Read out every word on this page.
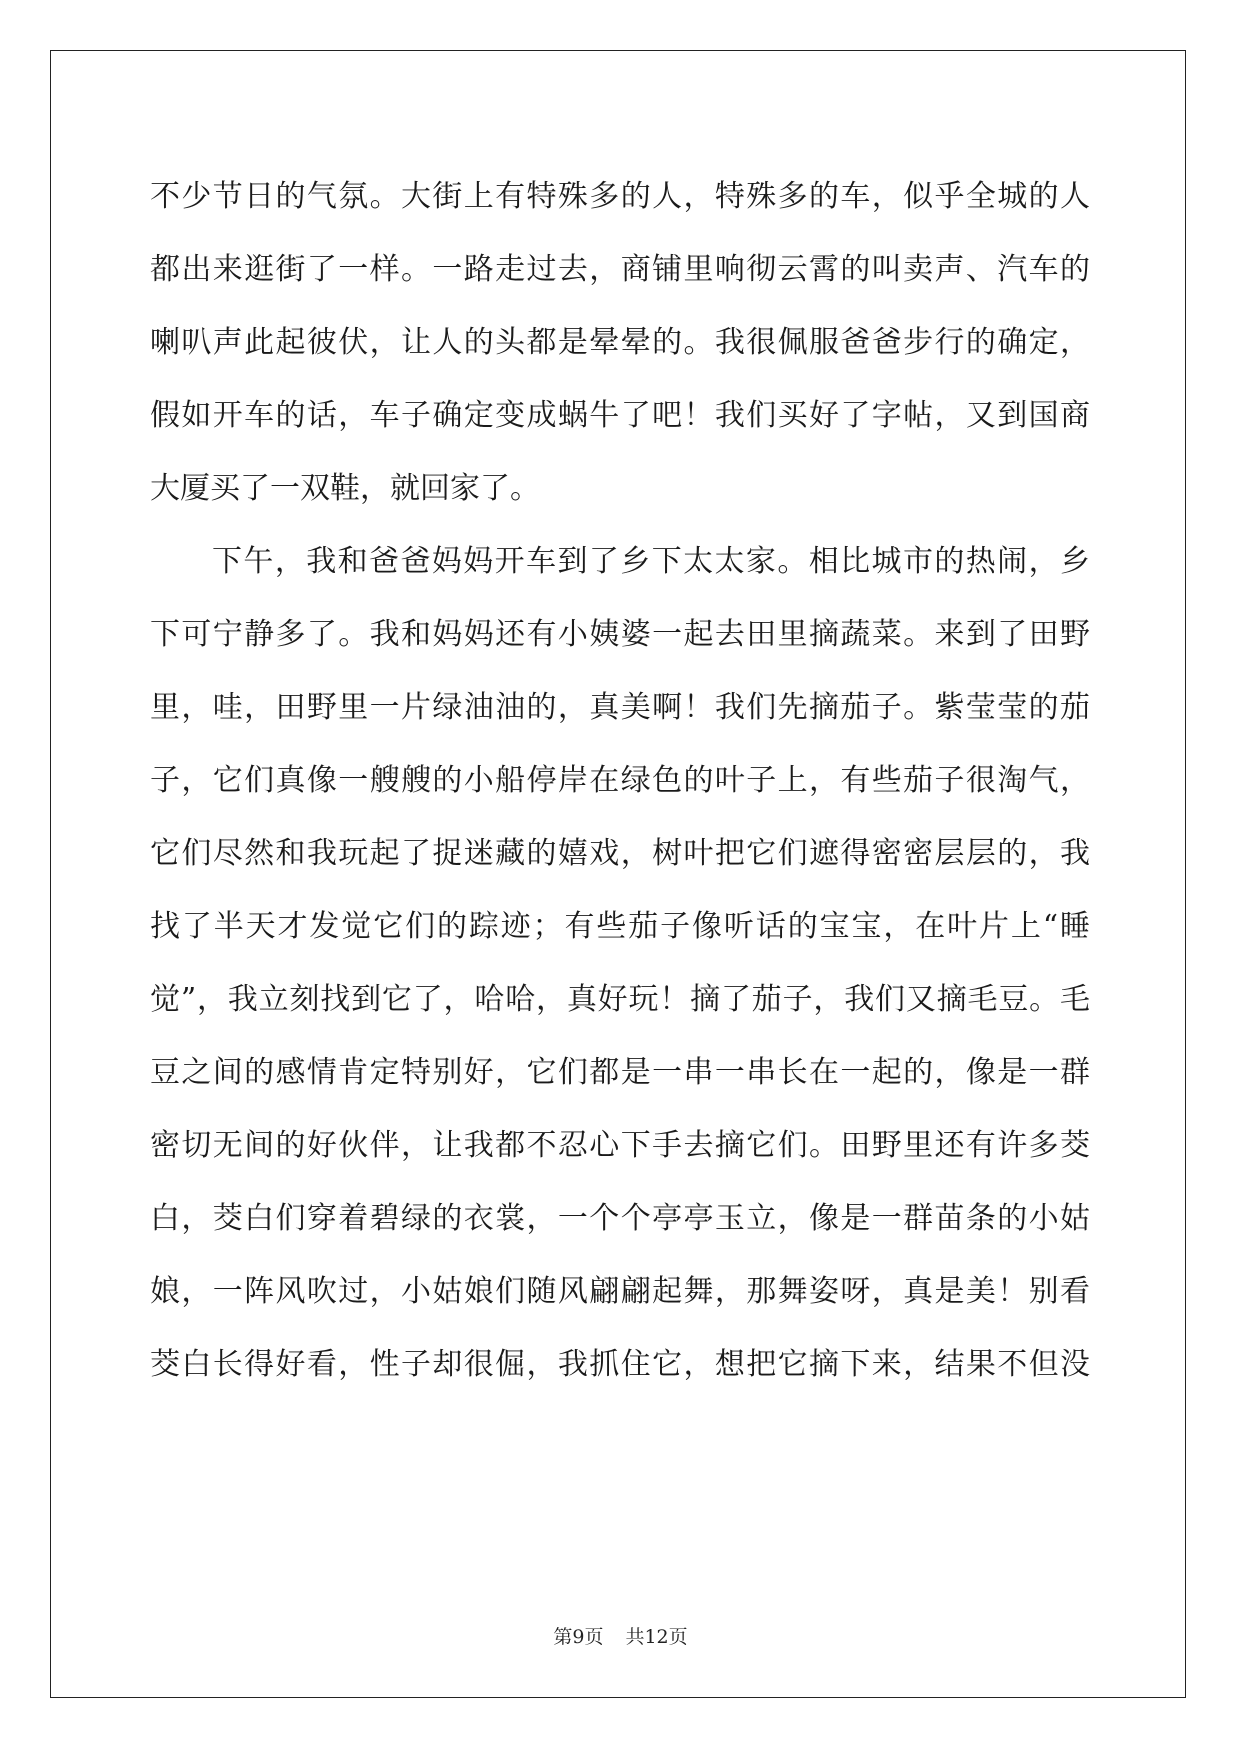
不少节日的气氛。大街上有特殊多的人，特殊多的车，似乎全城的人
都出来逛街了一样。一路走过去，商铺里响彻云霄的叫卖声、汽车的
喇叭声此起彼伏，让人的头都是晕晕的。我很佩服爸爸步行的确定，
假如开车的话，车子确定变成蜗牛了吧！我们买好了字帖，又到国商
大厦买了一双鞋，就回家了。
下午，我和爸爸妈妈开车到了乡下太太家。相比城市的热闹，乡
下可宁静多了。我和妈妈还有小姨婆一起去田里摘蔬菜。来到了田野
里，哇，田野里一片绿油油的，真美啊！我们先摘茄子。紫莹莹的茄
子，它们真像一艘艘的小船停岸在绿色的叶子上，有些茄子很淘气，
它们尽然和我玩起了捉迷藏的嬉戏，树叶把它们遮得密密层层的，我
找了半天才发觉它们的踪迹；有些茄子像听话的宝宝，在叶片上“睡
觉”，我立刻找到它了，哈哈，真好玩！摘了茄子，我们又摘毛豆。毛
豆之间的感情肯定特别好，它们都是一串一串长在一起的，像是一群
密切无间的好伙伴，让我都不忍心下手去摘它们。田野里还有许多茭
白，茭白们穿着碧绿的衣裳，一个个亭亭玉立，像是一群苗条的小姑
娘，一阵风吹过，小姑娘们随风翩翩起舞，那舞姿呀，真是美！别看
茭白长得好看，性子却很倔，我抓住它，想把它摘下来，结果不但没
第9页 共12页
